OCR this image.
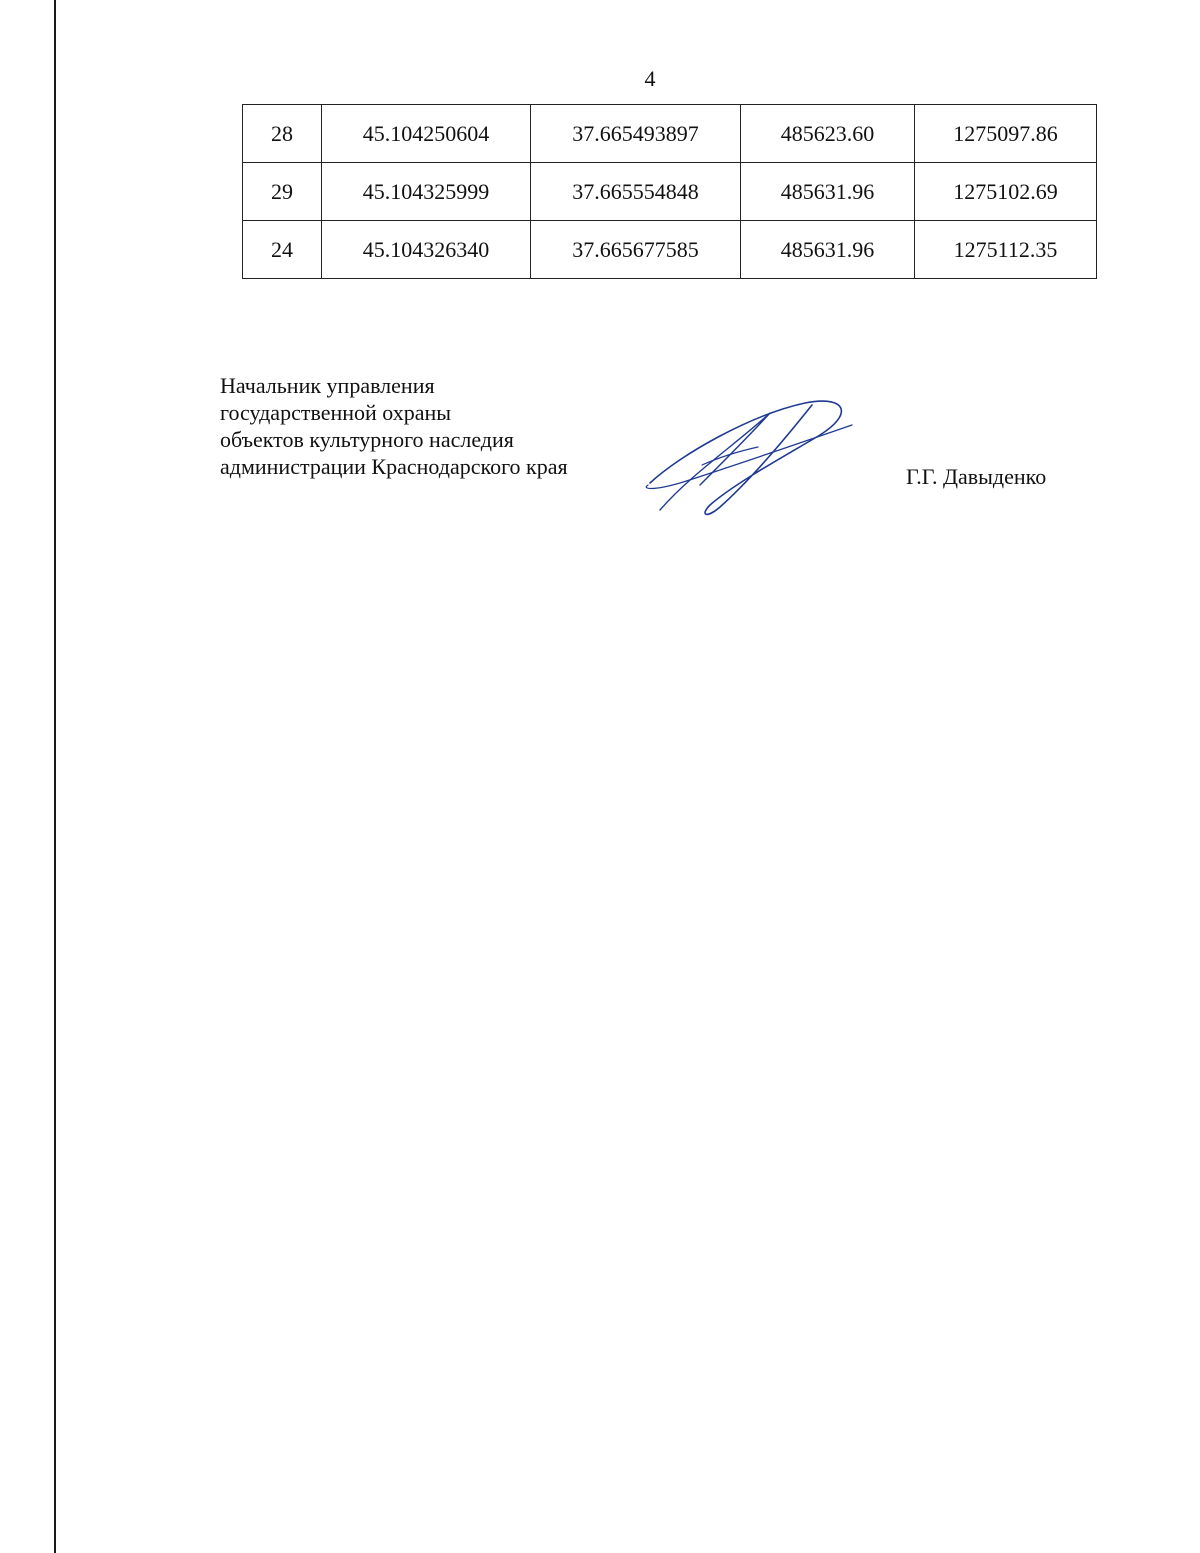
4
28	45.104250604	37.665493897	485623.60	1275097.86
29	45.104325999	37.665554848	485631.96	1275102.69
24	45.104326340	37.665677585	485631.96	1275112.35
Начальник управления
государственной охраны
объектов культурного наследия
администрации Краснодарского края	Г.Г. Давыденко
